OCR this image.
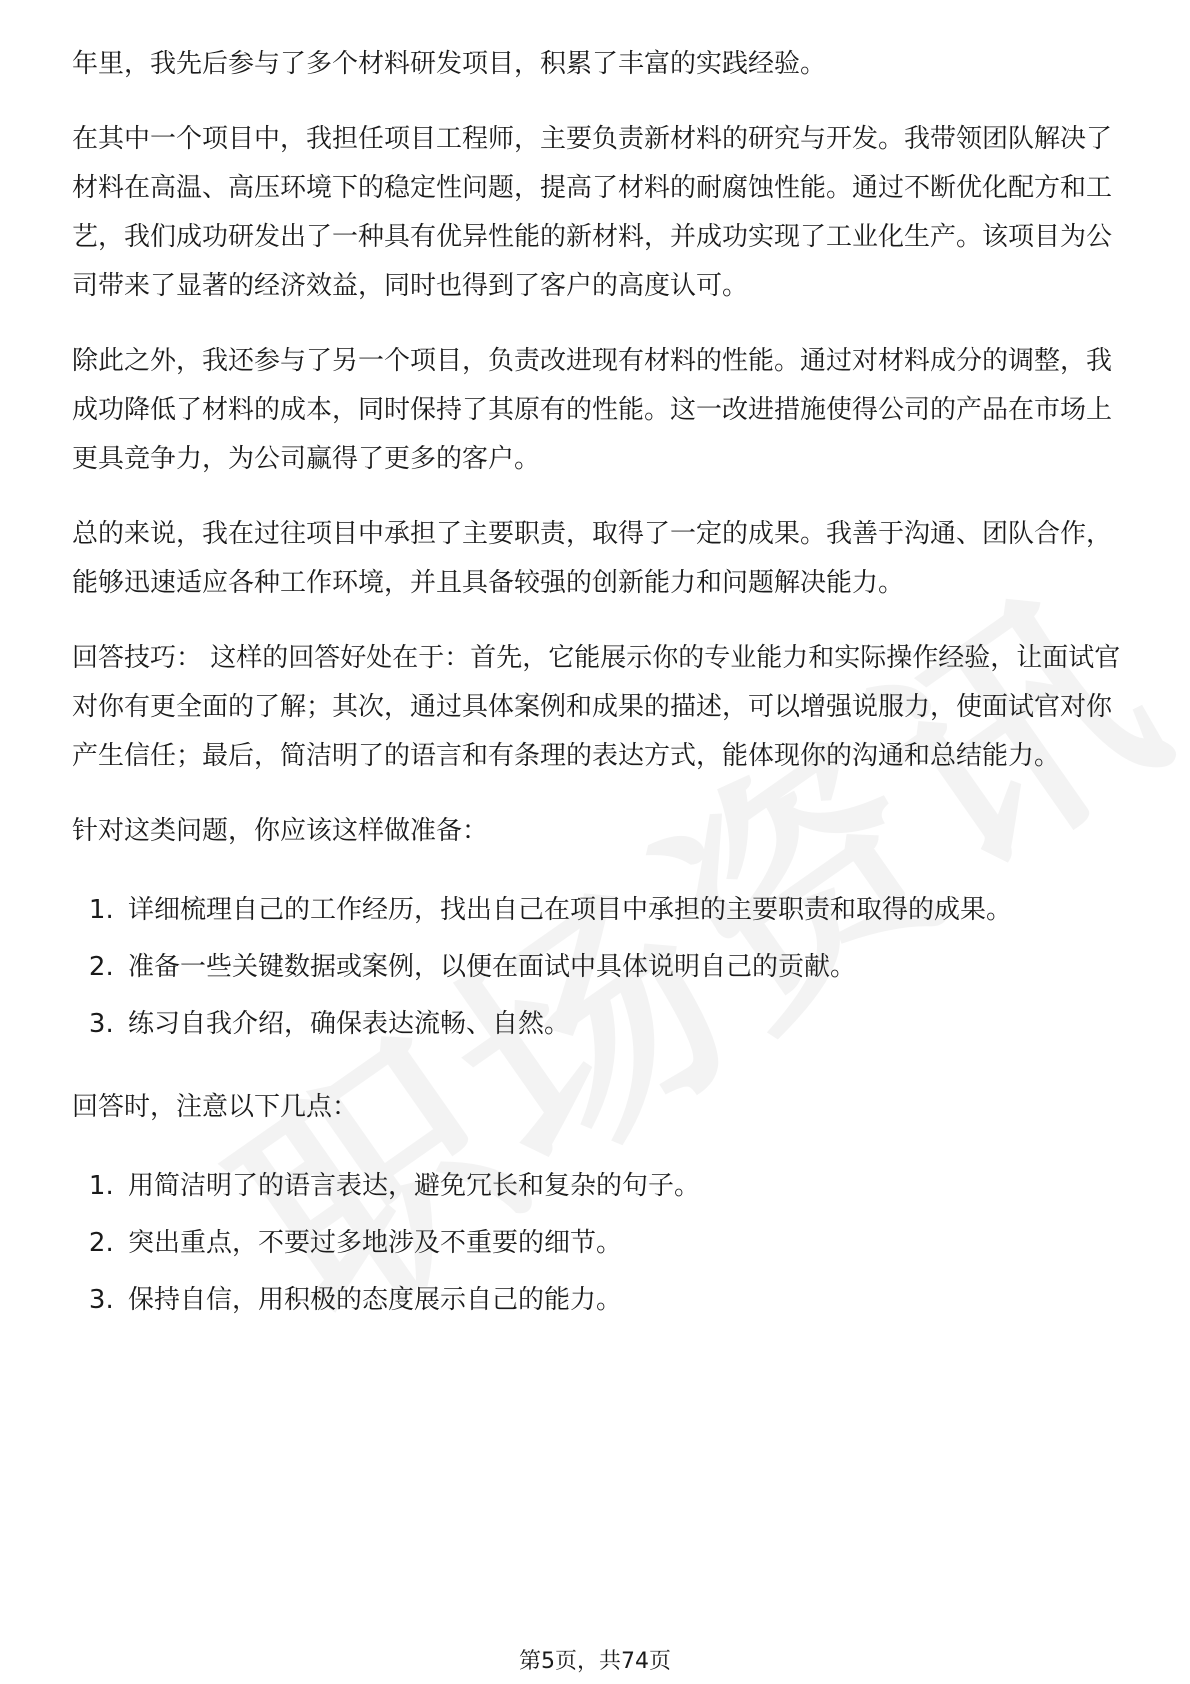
年里，我先后参与了多个材料研发项目，积累了丰富的实践经验。

在其中一个项目中，我担任项目工程师，主要负责新材料的研究与开发。我带领团队解决了材料在高温、高压环境下的稳定性问题，提高了材料的耐腐蚀性能。通过不断优化配方和工艺，我们成功研发出了一种具有优异性能的新材料，并成功实现了工业化生产。该项目为公司带来了显著的经济效益，同时也得到了客户的高度认可。

除此之外，我还参与了另一个项目，负责改进现有材料的性能。通过对材料成分的调整，我成功降低了材料的成本，同时保持了其原有的性能。这一改进措施使得公司的产品在市场上更具竞争力，为公司赢得了更多的客户。

总的来说，我在过往项目中承担了主要职责，取得了一定的成果。我善于沟通、团队合作，能够迅速适应各种工作环境，并且具备较强的创新能力和问题解决能力。

回答技巧： 这样的回答好处在于：首先，它能展示你的专业能力和实际操作经验，让面试官对你有更全面的了解；其次，通过具体案例和成果的描述，可以增强说服力，使面试官对你产生信任；最后，简洁明了的语言和有条理的表达方式，能体现你的沟通和总结能力。

针对这类问题，你应该这样做准备：

1. 详细梳理自己的工作经历，找出自己在项目中承担的主要职责和取得的成果。
2. 准备一些关键数据或案例，以便在面试中具体说明自己的贡献。
3. 练习自我介绍，确保表达流畅、自然。

回答时，注意以下几点：

1. 用简洁明了的语言表达，避免冗长和复杂的句子。
2. 突出重点，不要过多地涉及不重要的细节。
3. 保持自信，用积极的态度展示自己的能力。
第5页，共74页
